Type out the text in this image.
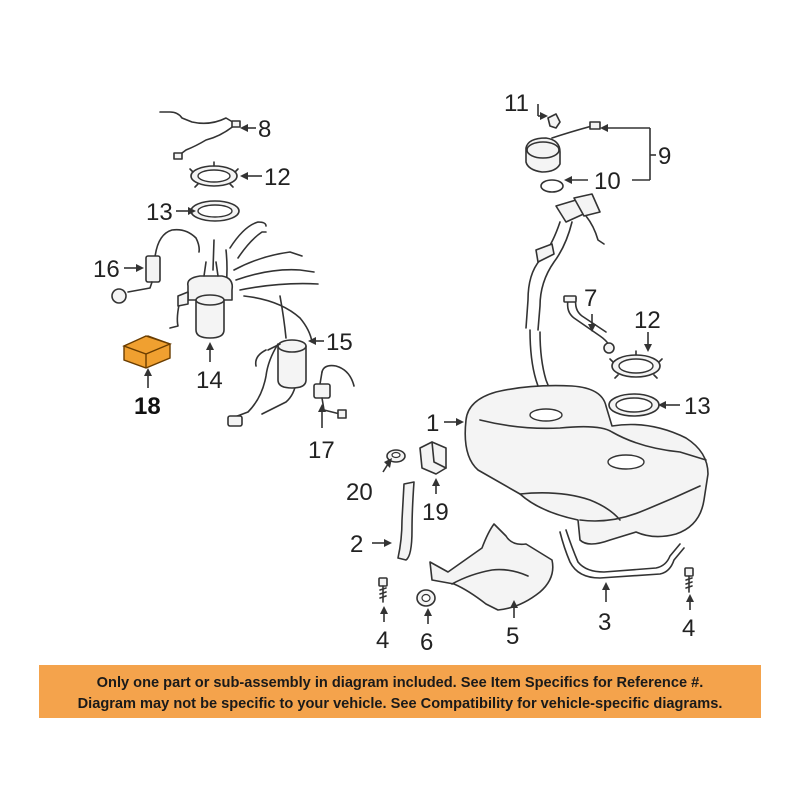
8
12
13
16
14
15
17
18
11
9
10
7
12
13
1
20
19
2
3
4	4
5
6
Only one part or sub-assembly in diagram included. See Item Specifics for Reference #.
Diagram may not be specific to your vehicle. See Compatibility for vehicle-specific diagrams.
